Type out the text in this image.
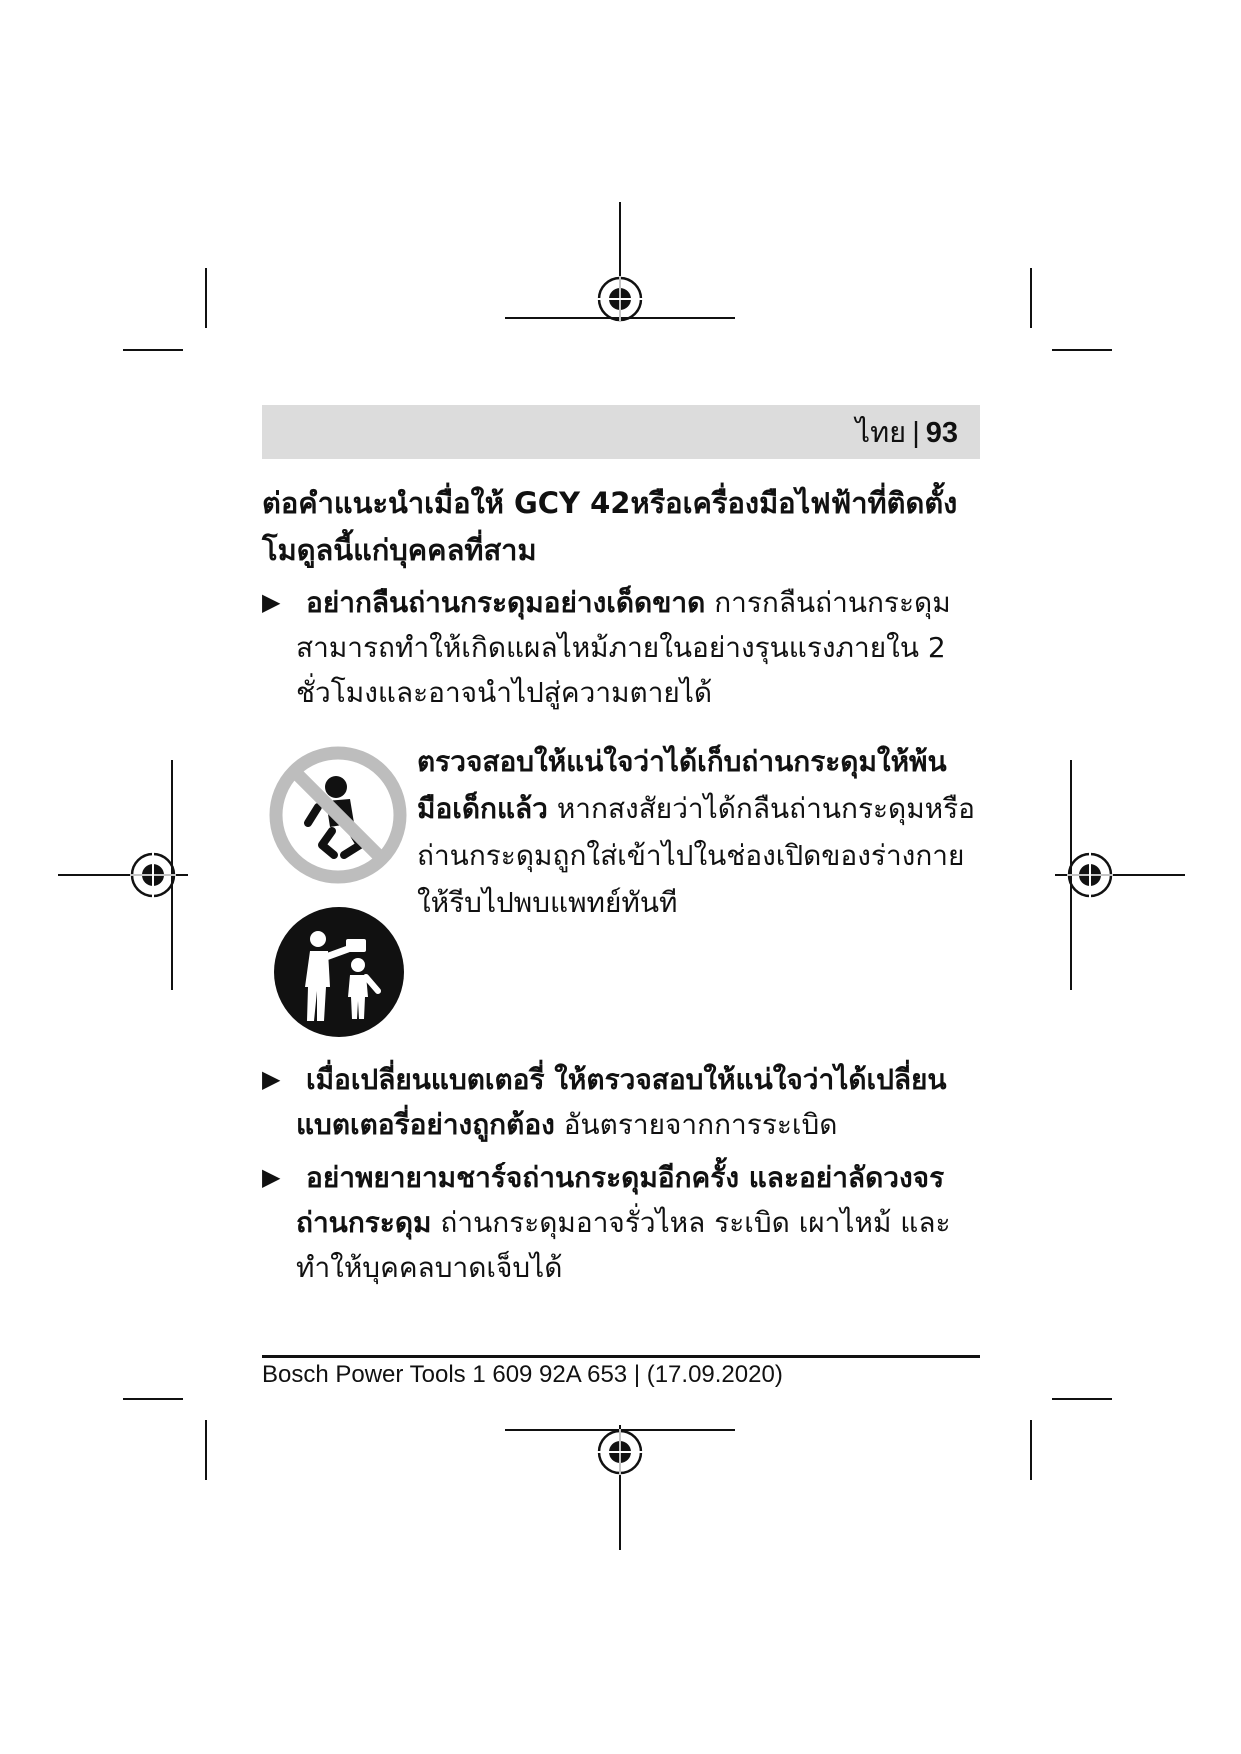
ไทย | 93
ต่อคำแนะนำเมื่อให้ GCY 42หรือเครื่องมือไฟฟ้าที่ติดตั้งโมดูลนี้แก่บุคคลที่สาม
▶ อย่ากลืนถ่านกระดุมอย่างเด็ดขาด การกลืนถ่านกระดุมสามารถทำให้เกิดแผลไหม้ภายในอย่างรุนแรงภายใน 2 ชั่วโมงและอาจนำไปสู่ความตายได้
ตรวจสอบให้แน่ใจว่าได้เก็บถ่านกระดุมให้พ้นมือเด็กแล้ว หากสงสัยว่าได้กลืนถ่านกระดุมหรือถ่านกระดุมถูกใส่เข้าไปในช่องเปิดของร่างกาย ให้รีบไปพบแพทย์ทันที
▶ เมื่อเปลี่ยนแบตเตอรี่ ให้ตรวจสอบให้แน่ใจว่าได้เปลี่ยนแบตเตอรี่อย่างถูกต้อง อันตรายจากการระเบิด
▶ อย่าพยายามชาร์จถ่านกระดุมอีกครั้ง และอย่าลัดวงจรถ่านกระดุม ถ่านกระดุมอาจรั่วไหล ระเบิด เผาไหม้ และทำให้บุคคลบาดเจ็บได้
Bosch Power Tools 1 609 92A 653 | (17.09.2020)
